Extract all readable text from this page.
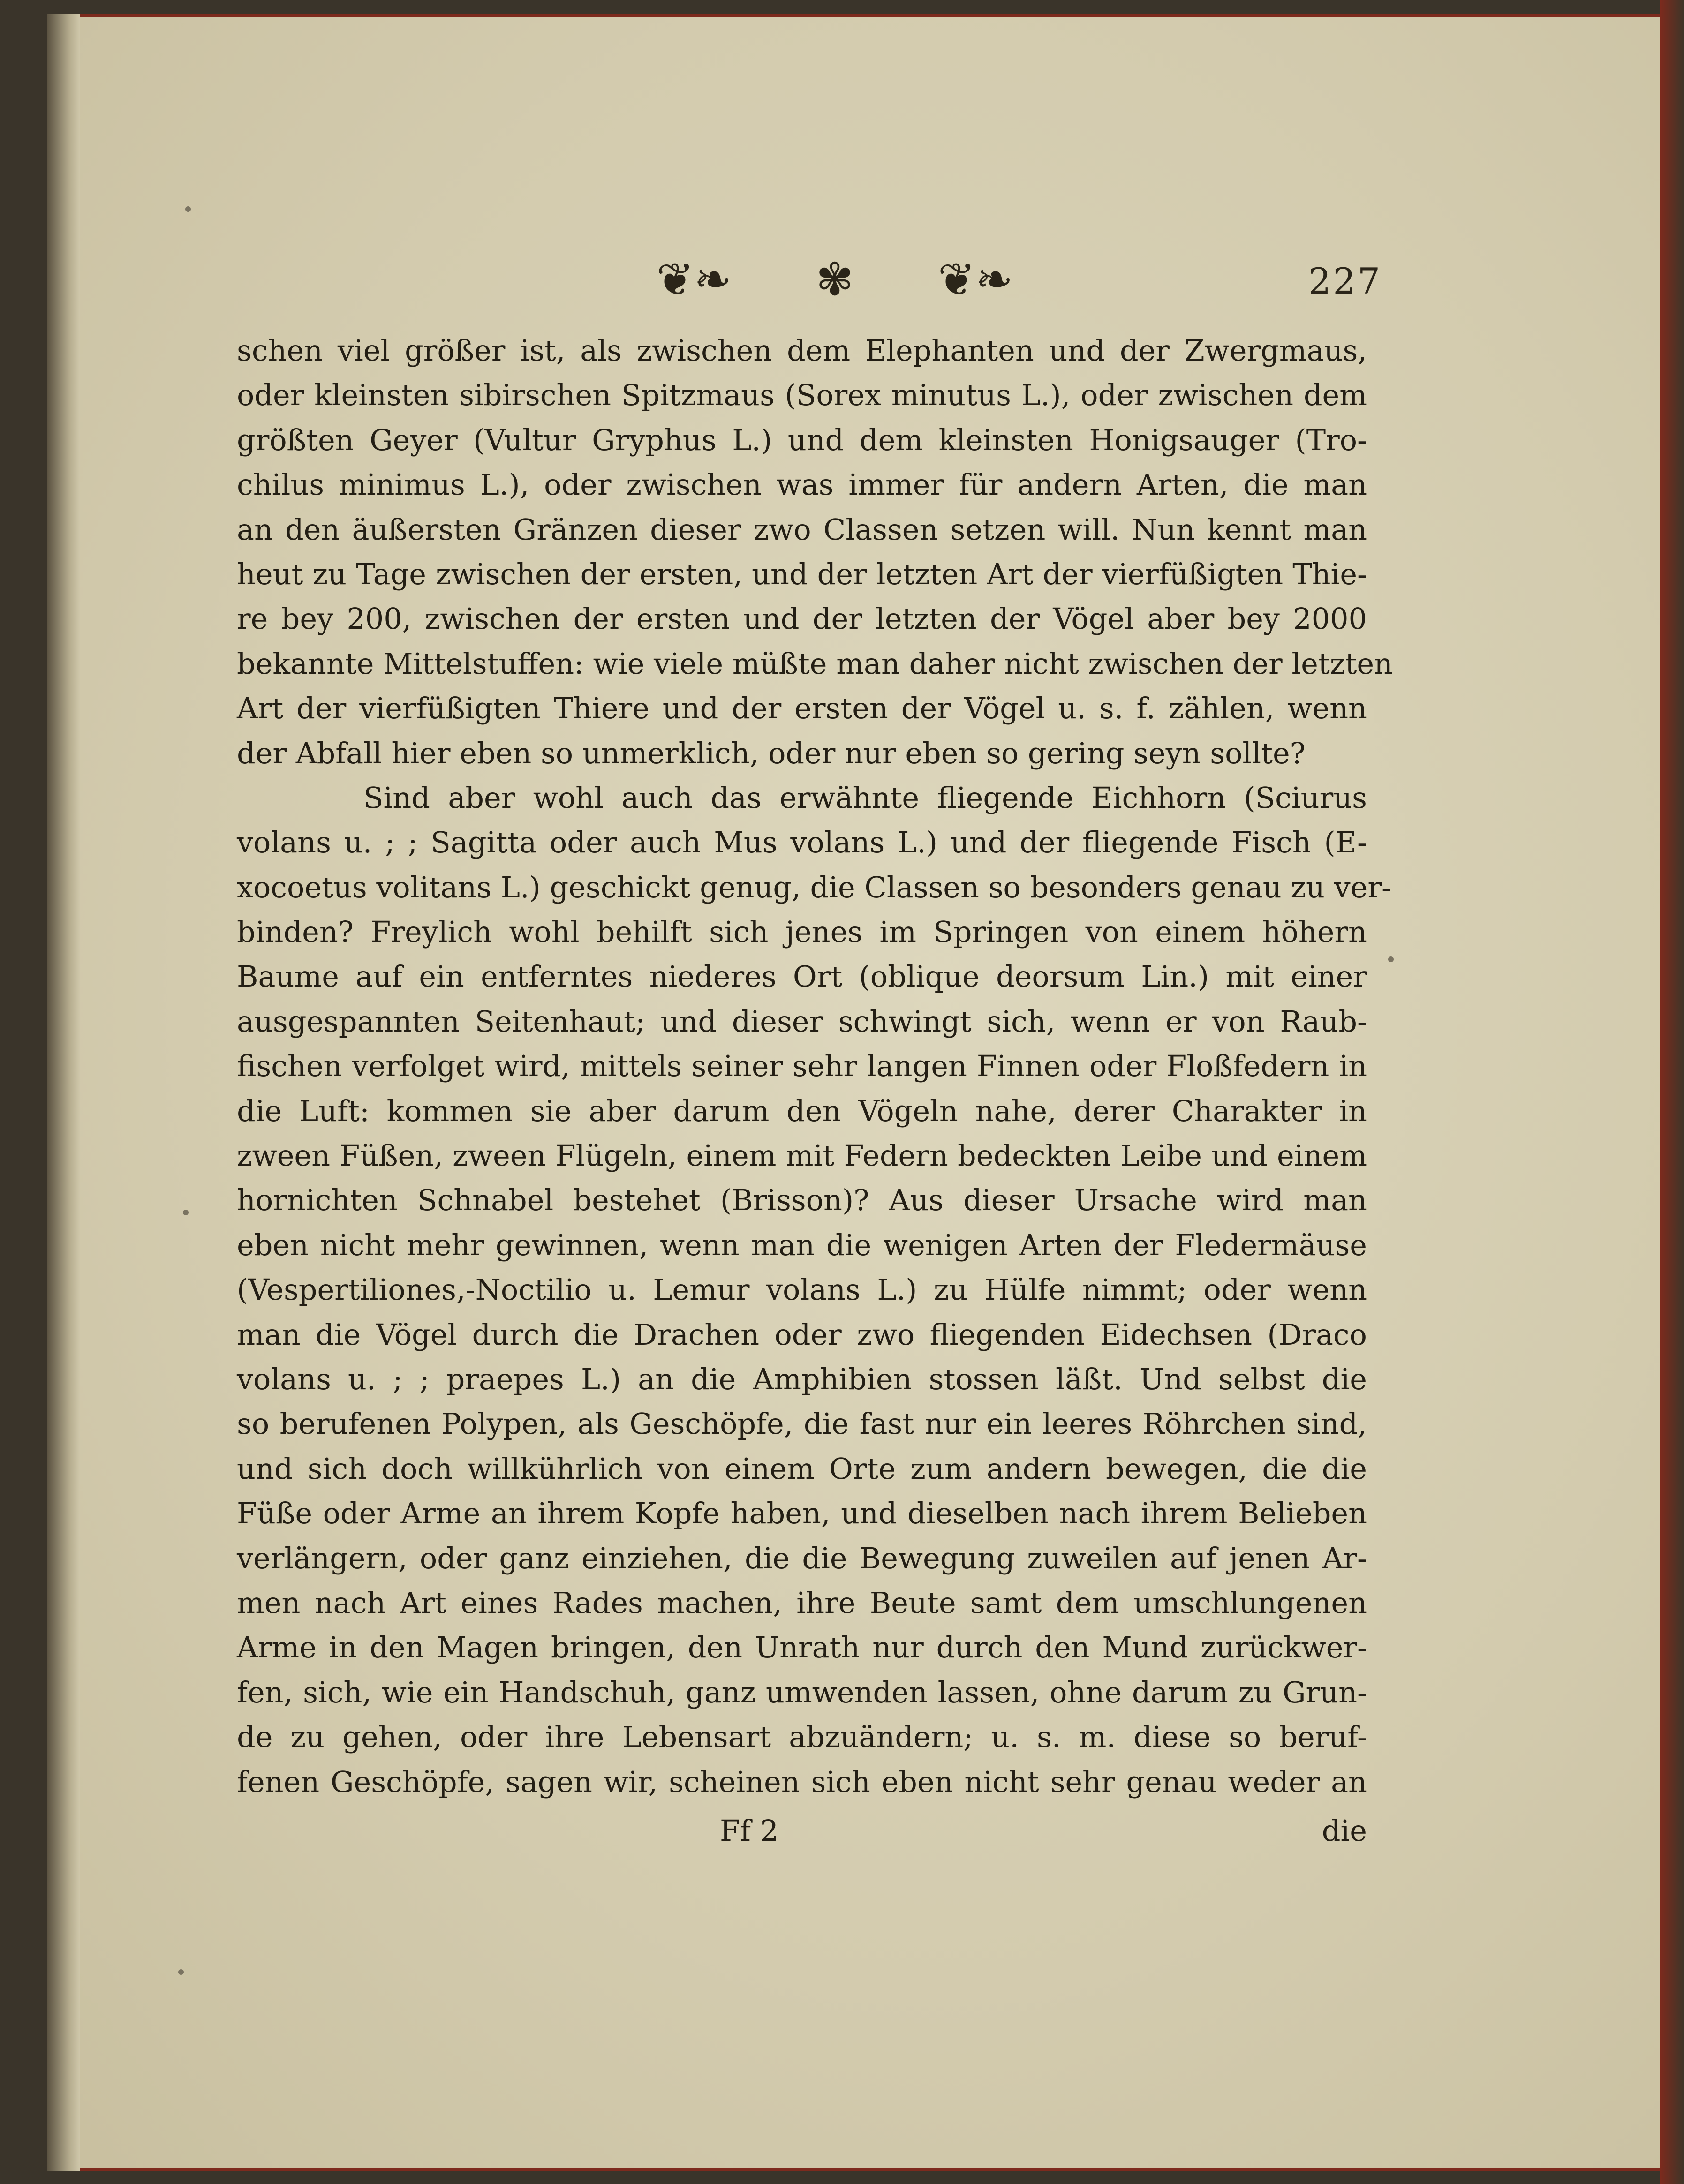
❦❧	✾	❦❧	227
schen viel größer ist, als zwischen dem Elephanten und der Zwergmaus,
oder kleinsten sibirschen Spitzmaus (Sorex minutus L.), oder zwischen dem
größten Geyer (Vultur Gryphus L.) und dem kleinsten Honigsauger (Tro-
chilus minimus L.), oder zwischen was immer für andern Arten, die man
an den äußersten Gränzen dieser zwo Classen setzen will. Nun kennt man
heut zu Tage zwischen der ersten, und der letzten Art der vierfüßigten Thie-
re bey 200, zwischen der ersten und der letzten der Vögel aber bey 2000
bekannte Mittelstuffen: wie viele müßte man daher nicht zwischen der letzten
Art der vierfüßigten Thiere und der ersten der Vögel u. s. f. zählen, wenn
der Abfall hier eben so unmerklich, oder nur eben so gering seyn sollte?
Sind aber wohl auch das erwähnte fliegende Eichhorn (Sciurus
volans u. ; ; Sagitta oder auch Mus volans L.) und der fliegende Fisch (E-
xocoetus volitans L.) geschickt genug, die Classen so besonders genau zu ver-
binden? Freylich wohl behilft sich jenes im Springen von einem höhern
Baume auf ein entferntes niederes Ort (oblique deorsum Lin.) mit einer
ausgespannten Seitenhaut; und dieser schwingt sich, wenn er von Raub-
fischen verfolget wird, mittels seiner sehr langen Finnen oder Floßfedern in
die Luft: kommen sie aber darum den Vögeln nahe, derer Charakter in
zween Füßen, zween Flügeln, einem mit Federn bedeckten Leibe und einem
hornichten Schnabel bestehet (Brisson)? Aus dieser Ursache wird man
eben nicht mehr gewinnen, wenn man die wenigen Arten der Fledermäuse
(Vespertiliones,-Noctilio u. Lemur volans L.) zu Hülfe nimmt; oder wenn
man die Vögel durch die Drachen oder zwo fliegenden Eidechsen (Draco
volans u. ; ; praepes L.) an die Amphibien stossen läßt. Und selbst die
so berufenen Polypen, als Geschöpfe, die fast nur ein leeres Röhrchen sind,
und sich doch willkührlich von einem Orte zum andern bewegen, die die
Füße oder Arme an ihrem Kopfe haben, und dieselben nach ihrem Belieben
verlängern, oder ganz einziehen, die die Bewegung zuweilen auf jenen Ar-
men nach Art eines Rades machen, ihre Beute samt dem umschlungenen
Arme in den Magen bringen, den Unrath nur durch den Mund zurückwer-
fen, sich, wie ein Handschuh, ganz umwenden lassen, ohne darum zu Grun-
de zu gehen, oder ihre Lebensart abzuändern; u. s. m. diese so beruf-
fenen Geschöpfe, sagen wir, scheinen sich eben nicht sehr genau weder an
Ff 2	die
